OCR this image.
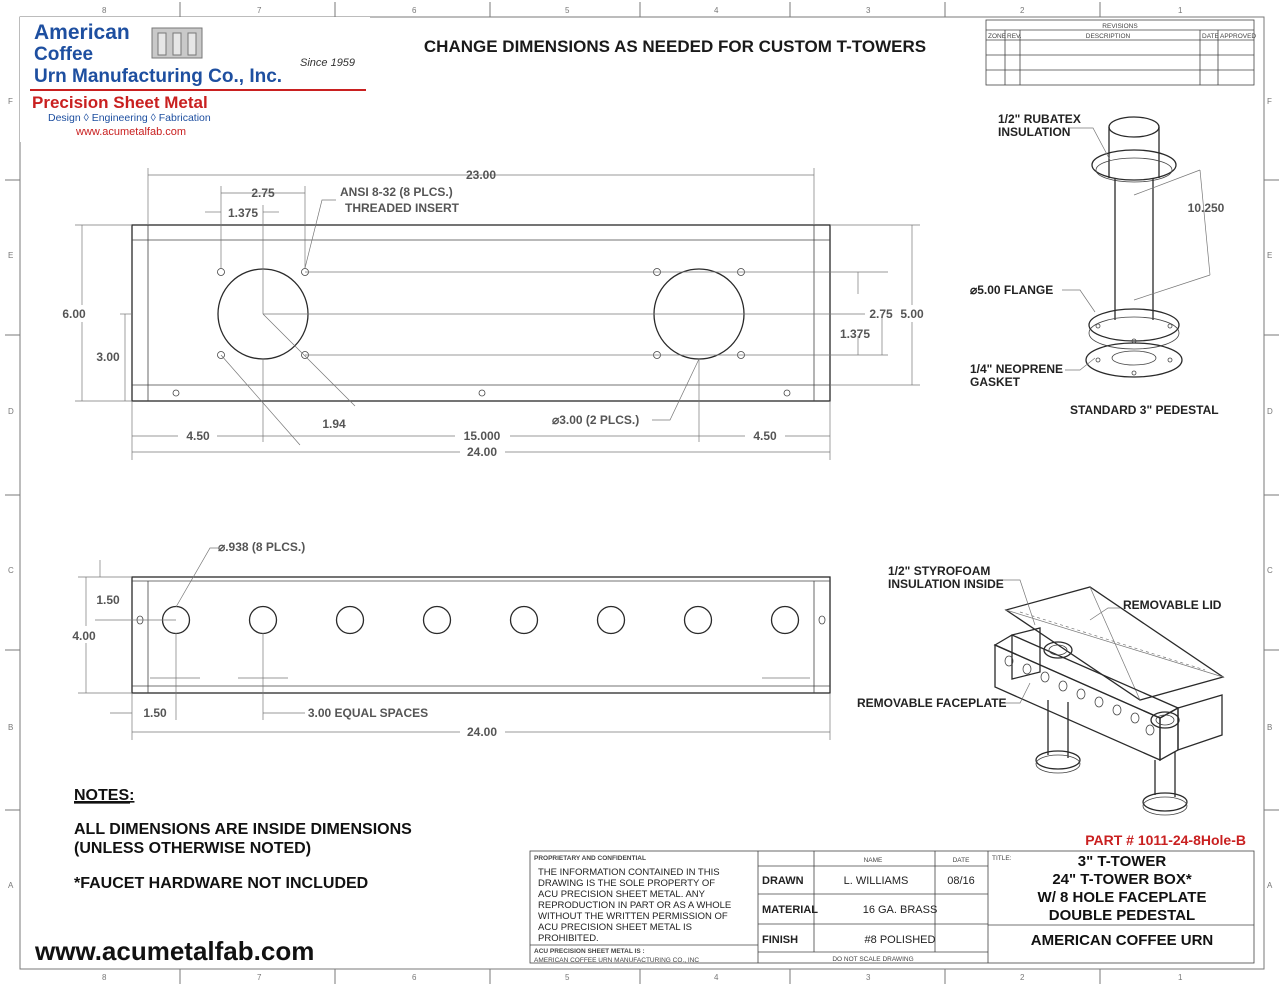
8	7	6	5	4	3	2	1
8	7	6	5	4	3	2	1
F
E
D
C
B
A
F
E
D
C
B
A
American
Coffee
Urn Manufacturing Co., Inc.
Since 1959
Precision Sheet Metal
Design ◊ Engineering ◊ Fabrication
www.acumetalfab.com
CHANGE DIMENSIONS AS NEEDED FOR CUSTOM T-TOWERS
REVISIONS
ZONE REV.	DESCRIPTION	DATE APPROVED
23.00
2.75
1.375
ANSI 8-32 (8 PLCS.)
THREADED INSERT
6.00
3.00
2.75 5.00
1.375
1.94	⌀3.00 (2 PLCS.)
4.50	15.000	4.50
24.00
⌀.938 (8 PLCS.)
1.50
4.00
1.50	3.00 EQUAL SPACES
24.00
1/2" RUBATEX
INSULATION
10.250
⌀5.00 FLANGE
1/4" NEOPRENE
GASKET
STANDARD 3" PEDESTAL
1/2" STYROFOAM
INSULATION INSIDE
REMOVABLE LID
REMOVABLE FACEPLATE
NOTES:
ALL DIMENSIONS ARE INSIDE DIMENSIONS
(UNLESS OTHERWISE NOTED)
*FAUCET HARDWARE NOT INCLUDED
www.acumetalfab.com
PART # 1011-24-8Hole-B
PROPRIETARY AND CONFIDENTIAL
THE INFORMATION CONTAINED IN THIS
DRAWING IS THE SOLE PROPERTY OF
ACU PRECISION SHEET METAL. ANY
REPRODUCTION IN PART OR AS A WHOLE
WITHOUT THE WRITTEN PERMISSION OF
ACU PRECISION SHEET METAL IS
PROHIBITED.
ACU PRECISION SHEET METAL IS :
AMERICAN COFFEE URN MANUFACTURING CO., INC
NAME	DATE	TITLE:
DRAWN	L. WILLIAMS	08/16
MATERIAL	16 GA. BRASS
FINISH	#8 POLISHED
DO NOT SCALE DRAWING
3" T-TOWER
24" T-TOWER BOX*
W/ 8 HOLE FACEPLATE
DOUBLE PEDESTAL
AMERICAN COFFEE URN
